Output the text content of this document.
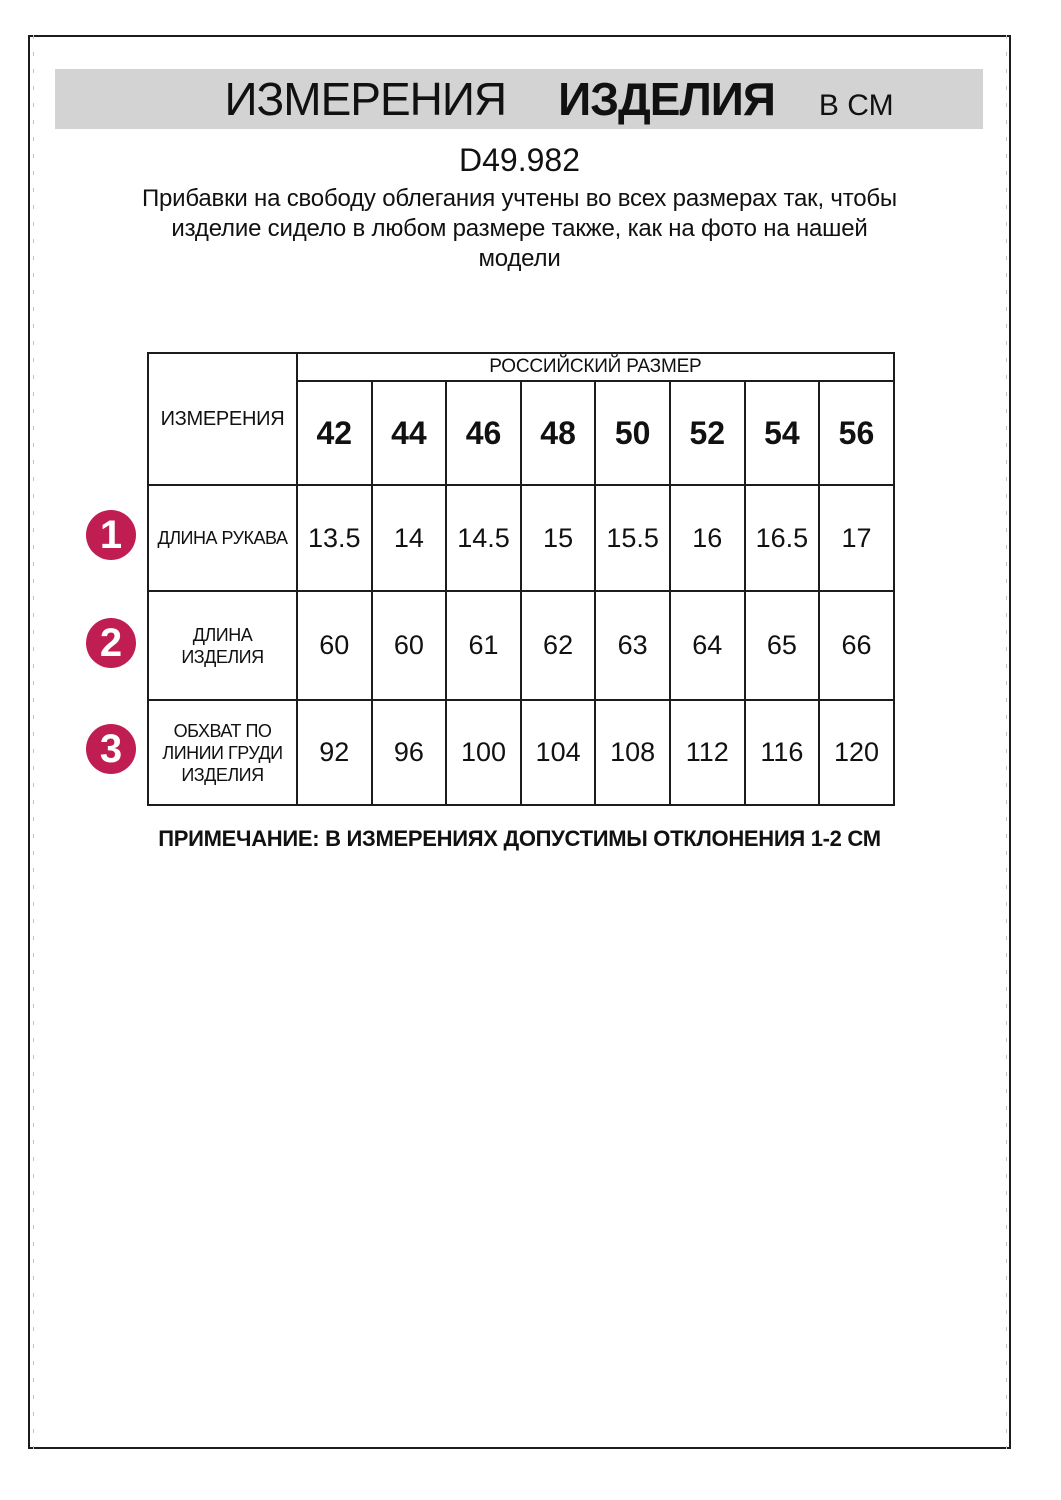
ИЗМЕРЕНИЯ ИЗДЕЛИЯ В СМ
D49.982
Прибавки на свободу облегания учтены во всех размерах так, чтобы
изделие сидело в любом размере также, как на фото на нашей
модели
1
2
3
ИЗМЕРЕНИЯ	РОССИЙСКИЙ РАЗМЕР							
	42	44	46	48	50	52	54	56

ДЛИНА РУКАВА	13.5	14	14.5	15	15.5	16	16.5	17

ДЛИНА
ИЗДЕЛИЯ	60	60	61	62	63	64	65	66

ОБХВАТ ПО
ЛИНИИ ГРУДИ
ИЗДЕЛИЯ	92	96	100	104	108	112	116	120
ПРИМЕЧАНИЕ: В ИЗМЕРЕНИЯХ ДОПУСТИМЫ ОТКЛОНЕНИЯ 1-2 СМ
